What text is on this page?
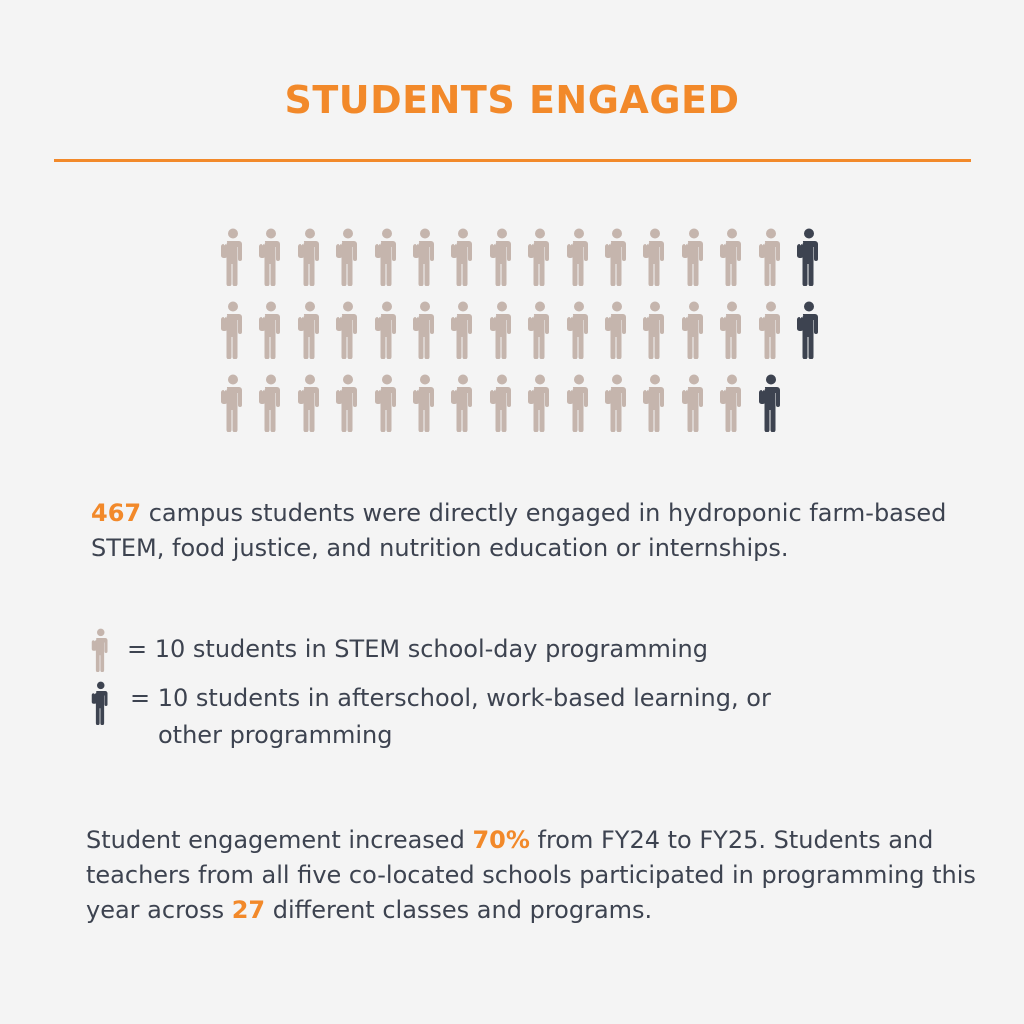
STUDENTS ENGAGED

467 campus students were directly engaged in hydroponic farm-based STEM, food justice, and nutrition education or internships.

= 10 students in STEM school-day programming

= 10 students in afterschool, work-based learning, or

other programming

Student engagement increased 70% from FY24 to FY25. Students and teachers from all five co-located schools participated in programming this year across 27 different classes and programs.
